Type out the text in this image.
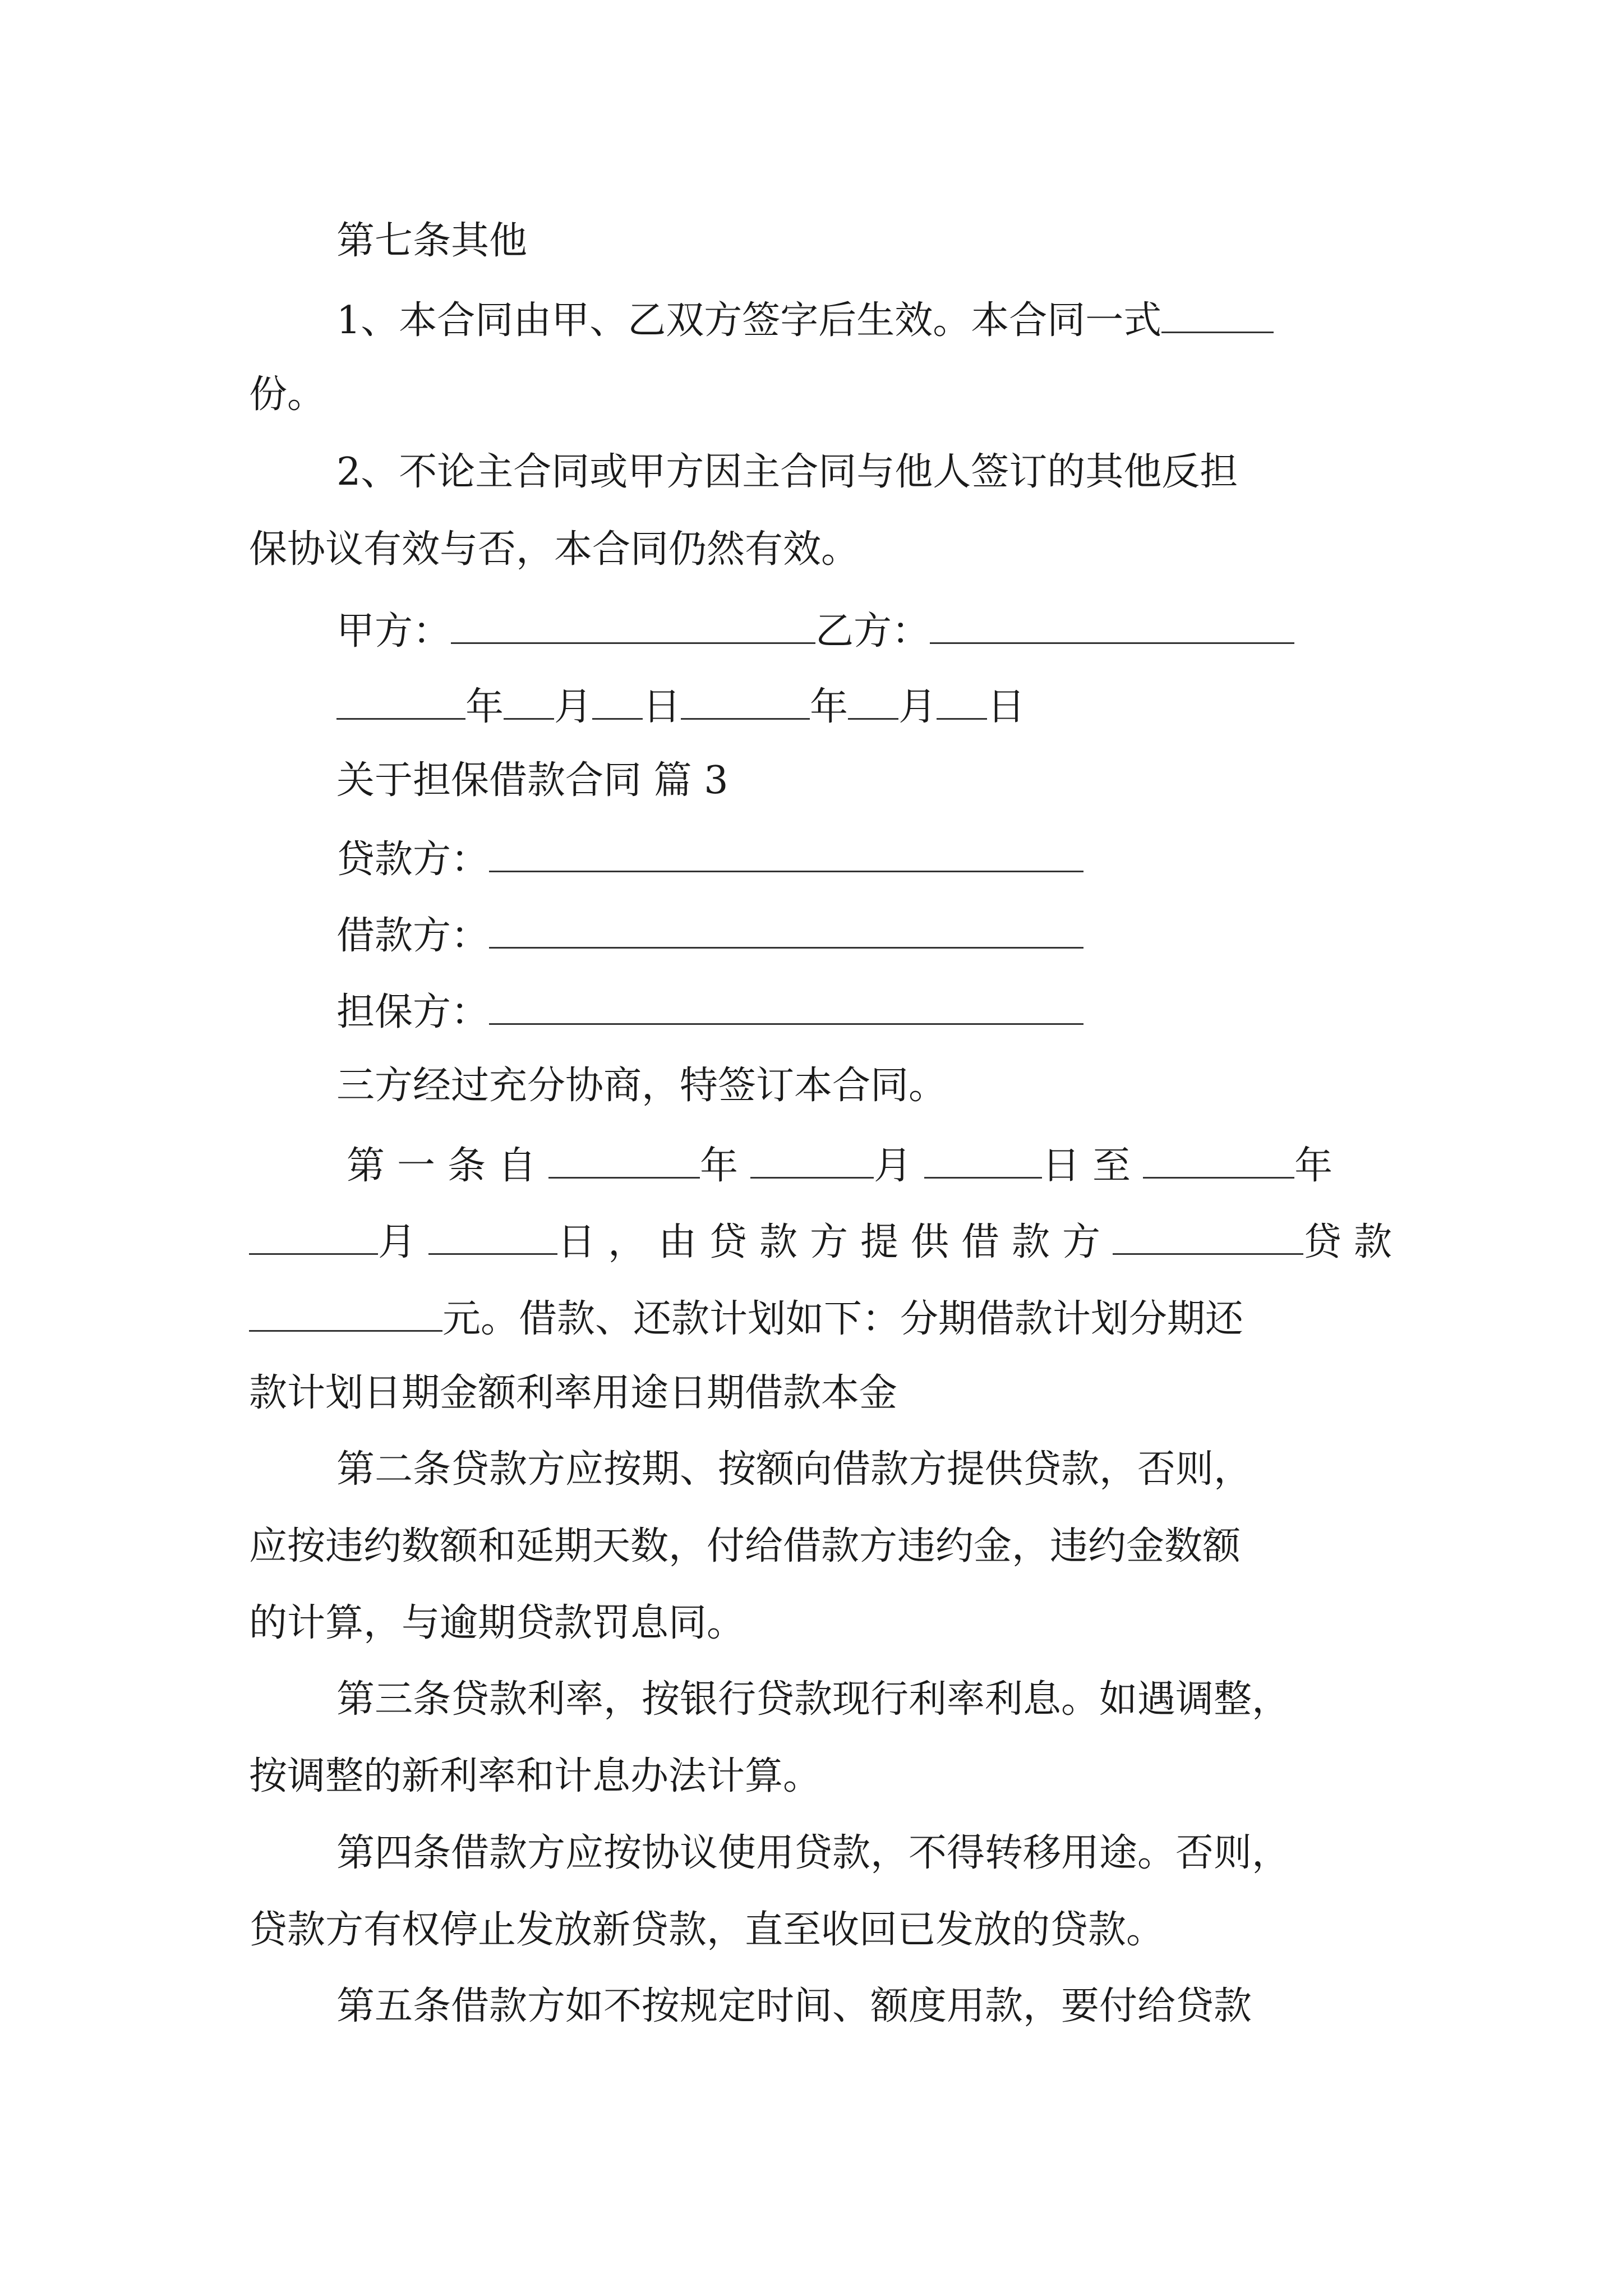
第七条其他
1、本合同由甲、乙双方签字后生效。本合同一式
份。
2、不论主合同或甲方因主合同与他人签订的其他反担
保协议有效与否，本合同仍然有效。
甲方：	乙方：
年 月 日	年 月 日
关于担保借款合同 篇 3
贷款方：
借款方：
担保方：
三方经过充分协商，特签订本合同。
第一条自	年	月	日至	年
月	日，由贷款方提供借款方	贷款
元。借款、还款计划如下：分期借款计划分期还
款计划日期金额利率用途日期借款本金
第二条贷款方应按期、按额向借款方提供贷款，否则，
应按违约数额和延期天数，付给借款方违约金，违约金数额
的计算，与逾期贷款罚息同。
第三条贷款利率，按银行贷款现行利率利息。如遇调整，
按调整的新利率和计息办法计算。
第四条借款方应按协议使用贷款，不得转移用途。否则，
贷款方有权停止发放新贷款，直至收回已发放的贷款。
第五条借款方如不按规定时间、额度用款，要付给贷款
